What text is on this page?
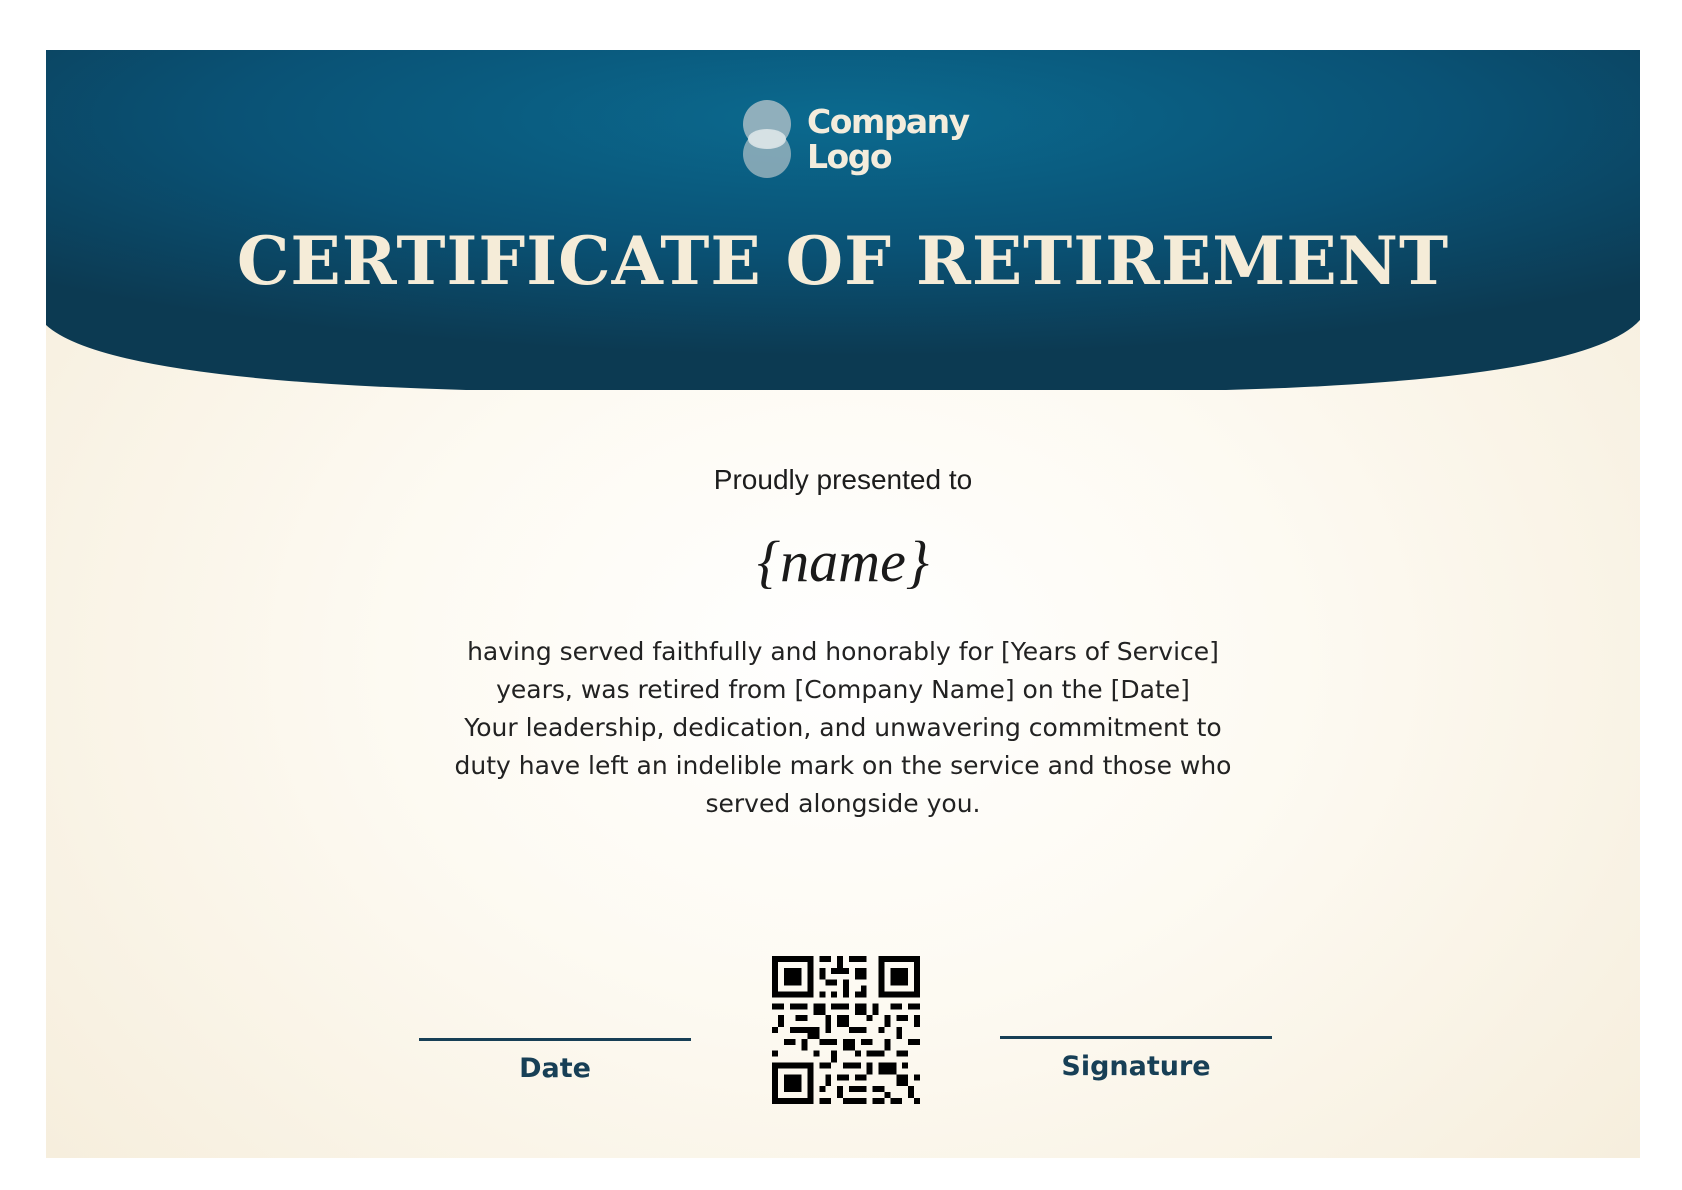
Company
Logo
CERTIFICATE OF RETIREMENT
Proudly presented to
{name}
having served faithfully and honorably for [Years of Service]
years, was retired from [Company Name] on the [Date]
Your leadership, dedication, and unwavering commitment to
duty have left an indelible mark on the service and those who
served alongside you.
Date	Signature
